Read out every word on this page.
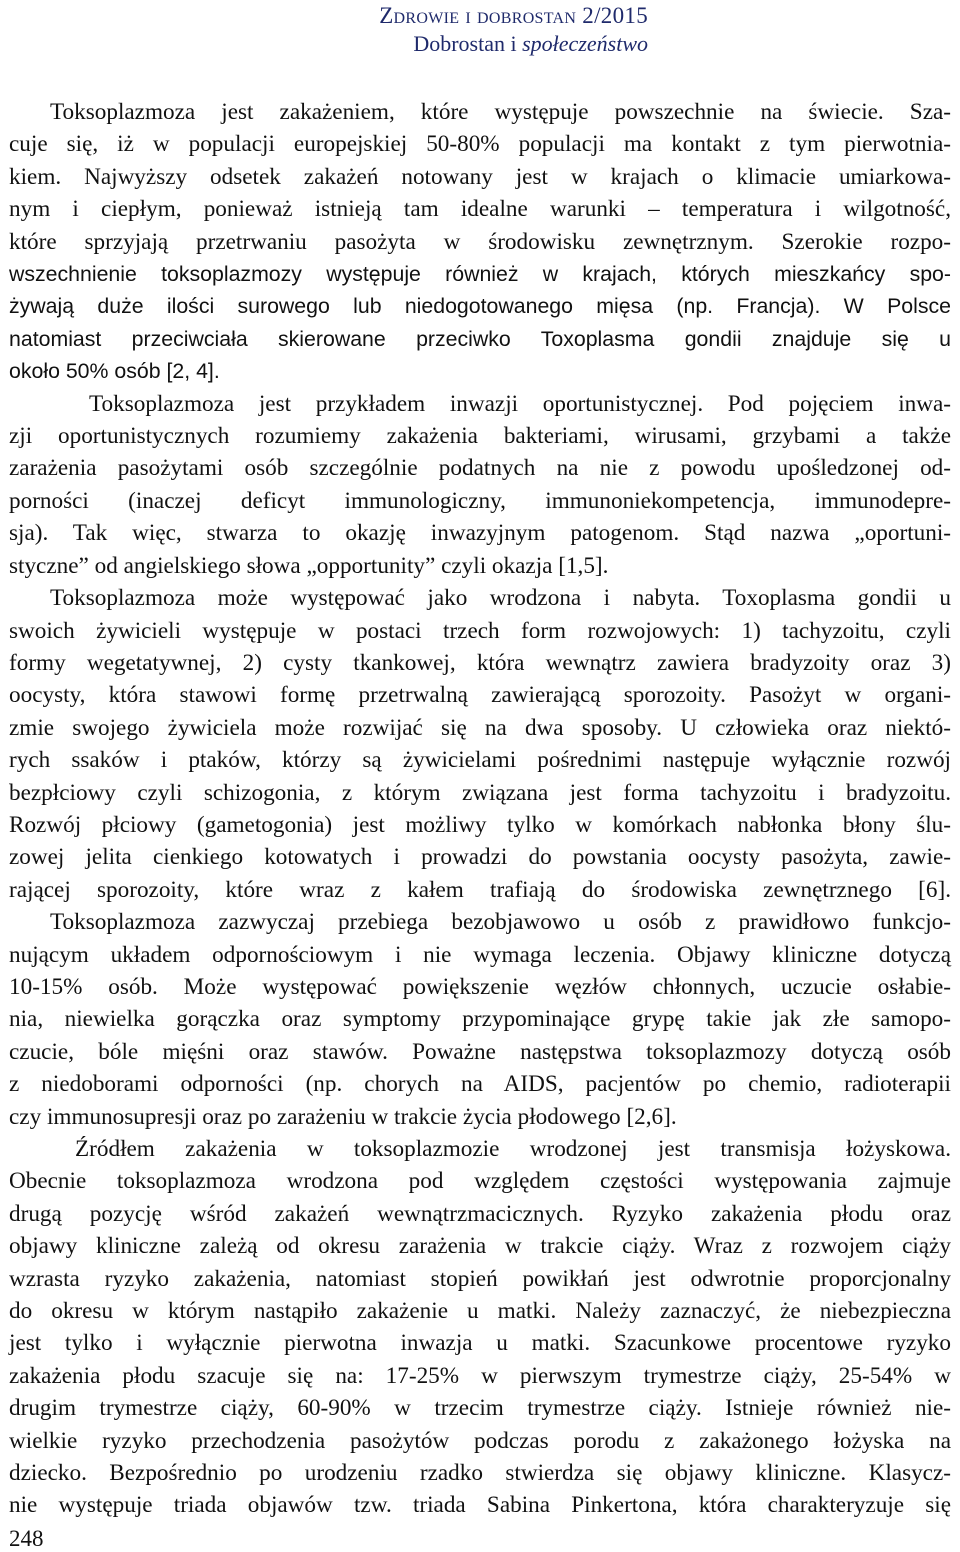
Zdrowie i dobrostan 2/2015
Dobrostan i społeczeństwo
Toksoplazmoza jest zakażeniem, które występuje powszechnie na świecie. Sza-
cuje się, iż w populacji europejskiej 50-80% populacji ma kontakt z tym pierwotnia-
kiem. Najwyższy odsetek zakażeń notowany jest w krajach o klimacie umiarkowa-
nym i ciepłym, ponieważ istnieją tam idealne warunki – temperatura i wilgotność,
które sprzyjają przetrwaniu pasożyta w środowisku zewnętrznym. Szerokie rozpo-
wszechnienie toksoplazmozy występuje również w krajach, których mieszkańcy spo-
żywają duże ilości surowego lub niedogotowanego mięsa (np. Francja). W Polsce
natomiast przeciwciała skierowane przeciwko Toxoplasma gondii znajduje się u
około 50% osób [2, 4].
Toksoplazmoza jest przykładem inwazji oportunistycznej. Pod pojęciem inwa-
zji oportunistycznych rozumiemy zakażenia bakteriami, wirusami, grzybami a także
zarażenia pasożytami osób szczególnie podatnych na nie z powodu upośledzonej od-
porności (inaczej deficyt immunologiczny, immunoniekompetencja, immunodepre-
sja). Tak więc, stwarza to okazję inwazyjnym patogenom. Stąd nazwa „oportuni-
styczne” od angielskiego słowa „opportunity” czyli okazja [1,5].
Toksoplazmoza może występować jako wrodzona i nabyta. Toxoplasma gondii u
swoich żywicieli występuje w postaci trzech form rozwojowych: 1) tachyzoitu, czyli
formy wegetatywnej, 2) cysty tkankowej, która wewnątrz zawiera bradyzoity oraz 3)
oocysty, która stawowi formę przetrwalną zawierającą sporozoity. Pasożyt w organi-
zmie swojego żywiciela może rozwijać się na dwa sposoby. U człowieka oraz niektó-
rych ssaków i ptaków, którzy są żywicielami pośrednimi następuje wyłącznie rozwój
bezpłciowy czyli schizogonia, z którym związana jest forma tachyzoitu i bradyzoitu.
Rozwój płciowy (gametogonia) jest możliwy tylko w komórkach nabłonka błony ślu-
zowej jelita cienkiego kotowatych i prowadzi do powstania oocysty pasożyta, zawie-
rającej sporozoity, które wraz z kałem trafiają do środowiska zewnętrznego [6].
Toksoplazmoza zazwyczaj przebiega bezobjawowo u osób z prawidłowo funkcjo-
nującym układem odpornościowym i nie wymaga leczenia. Objawy kliniczne dotyczą
10-15% osób. Może występować powiększenie węzłów chłonnych, uczucie osłabie-
nia, niewielka gorączka oraz symptomy przypominające grypę takie jak złe samopo-
czucie, bóle mięśni oraz stawów. Poważne następstwa toksoplazmozy dotyczą osób
z niedoborami odporności (np. chorych na AIDS, pacjentów po chemio, radioterapii
czy immunosupresji oraz po zarażeniu w trakcie życia płodowego [2,6].
Źródłem zakażenia w toksoplazmozie wrodzonej jest transmisja łożyskowa.
Obecnie toksoplazmoza wrodzona pod względem częstości występowania zajmuje
drugą pozycję wśród zakażeń wewnątrzmacicznych. Ryzyko zakażenia płodu oraz
objawy kliniczne zależą od okresu zarażenia w trakcie ciąży. Wraz z rozwojem ciąży
wzrasta ryzyko zakażenia, natomiast stopień powikłań jest odwrotnie proporcjonalny
do okresu w którym nastąpiło zakażenie u matki. Należy zaznaczyć, że niebezpieczna
jest tylko i wyłącznie pierwotna inwazja u matki. Szacunkowe procentowe ryzyko
zakażenia płodu szacuje się na: 17-25% w pierwszym trymestrze ciąży, 25-54% w
drugim trymestrze ciąży, 60-90% w trzecim trymestrze ciąży. Istnieje również nie-
wielkie ryzyko przechodzenia pasożytów podczas porodu z zakażonego łożyska na
dziecko. Bezpośrednio po urodzeniu rzadko stwierdza się objawy kliniczne. Klasycz-
nie występuje triada objawów tzw. triada Sabina Pinkertona, która charakteryzuje się
248
